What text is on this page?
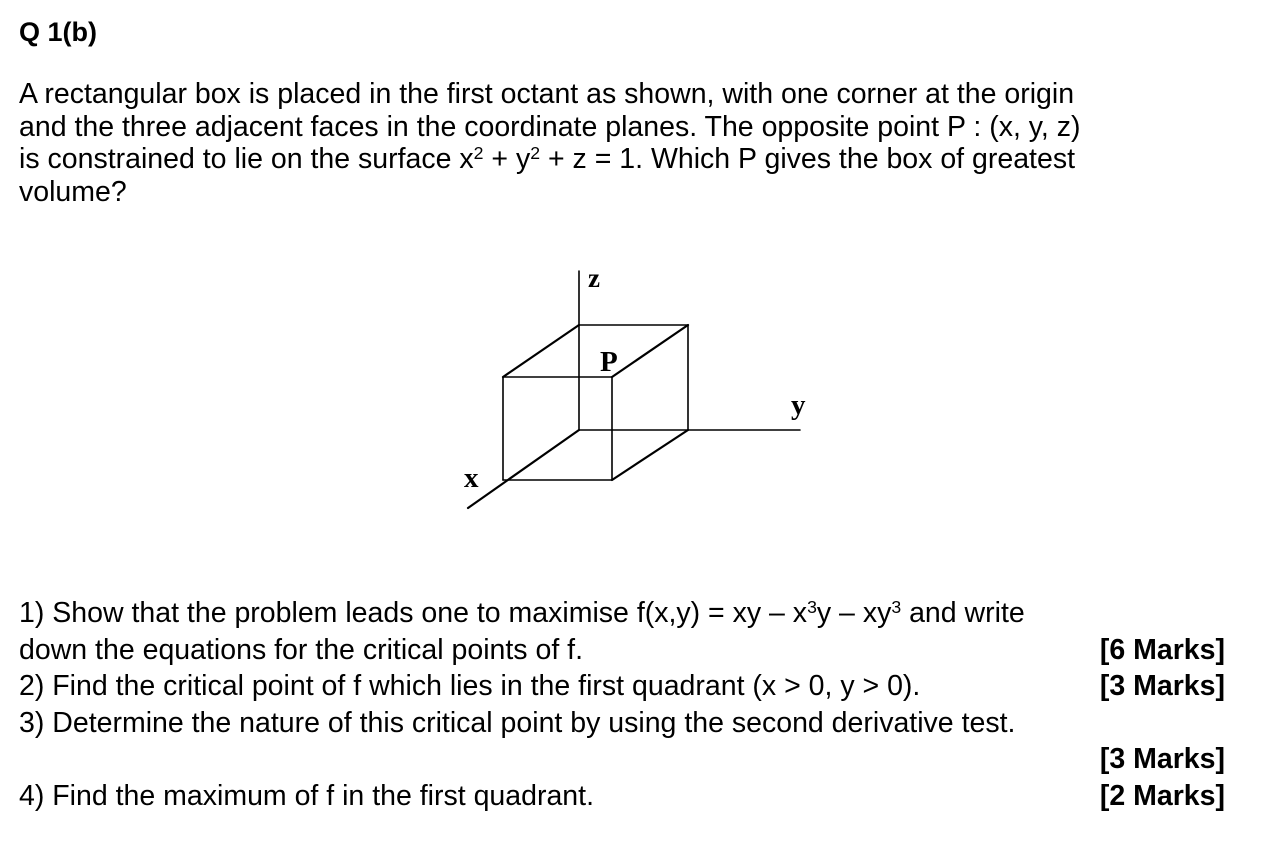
Q 1(b)
A rectangular box is placed in the first octant as shown, with one corner at the origin
and the three adjacent faces in the coordinate planes. The opposite point P : (x, y, z)
is constrained to lie on the surface $x^2 + y^2 + z = 1$. Which P gives the box of greatest
volume?
z
y
x
P
1) Show that the problem leads one to maximise f(x,y) = xy – $x^3y - xy^3$ and write
down the equations for the critical points of f.	[6 Marks]
2) Find the critical point of f which lies in the first quadrant (x > 0, y > 0).	[3 Marks]
3) Determine the nature of this critical point by using the second derivative test.
[3 Marks]
4) Find the maximum of f in the first quadrant.	[2 Marks]
